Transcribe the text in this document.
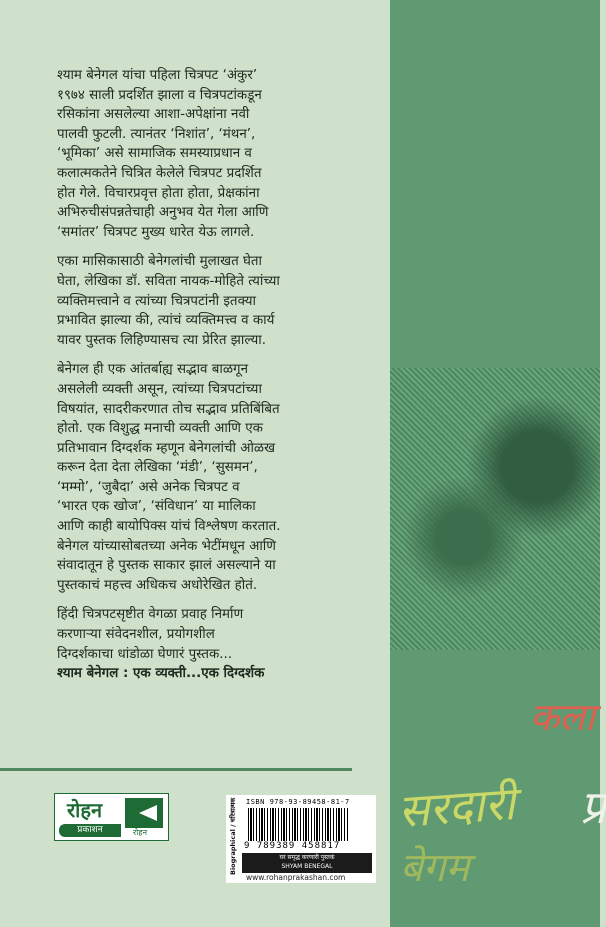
श्याम बेनेगल यांचा पहिला चित्रपट ‘अंकुर’
१९७४ साली प्रदर्शित झाला व चित्रपटांकडून
रसिकांना असलेल्या आशा-अपेक्षांना नवी
पालवी फुटली. त्यानंतर ‘निशांत’, ‘मंथन’,
‘भूमिका’ असे सामाजिक समस्याप्रधान व
कलात्मकतेने चित्रित केलेले चित्रपट प्रदर्शित
होत गेले. विचारप्रवृत्त होता होता, प्रेक्षकांना
अभिरुचीसंपन्नतेचाही अनुभव येत गेला आणि
‘समांतर’ चित्रपट मुख्य धारेत येऊ लागले.

एका मासिकासाठी बेनेगलांची मुलाखत घेता
घेता, लेखिका डॉ. सविता नायक-मोहिते त्यांच्या
व्यक्तिमत्त्वाने व त्यांच्या चित्रपटांनी इतक्या
प्रभावित झाल्या की, त्यांचं व्यक्तिमत्त्व व कार्य
यावर पुस्तक लिहिण्यासच त्या प्रेरित झाल्या.

बेनेगल ही एक आंतर्बाह्य सद्भाव बाळगून
असलेली व्यक्ती असून, त्यांच्या चित्रपटांच्या
विषयांत, सादरीकरणात तोच सद्भाव प्रतिबिंबित
होतो. एक विशुद्ध मनाची व्यक्ती आणि एक
प्रतिभावान दिग्दर्शक म्हणून बेनेगलांची ओळख
करून देता देता लेखिका ‘मंडी’, ‘सुसमन’,
‘मम्मो’, ‘जुबैदा’ असे अनेक चित्रपट व
‘भारत एक खोज’, ‘संविधान’ या मालिका
आणि काही बायोपिक्स यांचं विश्लेषण करतात.
बेनेगल यांच्यासोबतच्या अनेक भेटींमधून आणि
संवादातून हे पुस्तक साकार झालं असल्याने या
पुस्तकाचं महत्त्व अधिकच अधोरेखित होतं.

हिंदी चित्रपटसृष्टीत वेगळा प्रवाह निर्माण
करणाऱ्या संवेदनशील, प्रयोगशील
दिग्दर्शकाचा धांडोळा घेणारं पुस्तक...
श्याम बेनेगल : एक व्यक्ती...एक दिग्दर्शक

रोहन
प्रकाशन	रोहन	Biographical / चरित्रात्मक ISBN 978-93-89458-81-7
9 789389 458817
घर समृद्ध करणारी पुस्तकं
SHYAM BENEGAL
www.rohanprakashan.com
कला
सरदारी
बेगम
प्र
